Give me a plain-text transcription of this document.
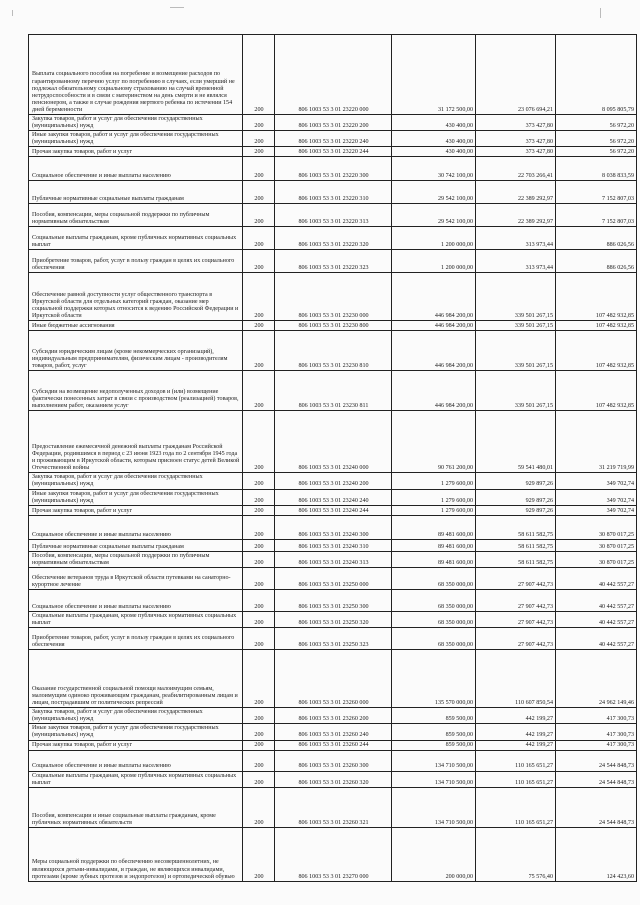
Выплата социального пособия на погребение и возмещение расходов по гарантированному перечню услуг по погребению в случаях, если умерший не подлежал обязательному социальному страхованию на случай временной нетрудоспособности и в связи с материнством на день смерти и не являлся пенсионером, а также в случае рождения мертвого ребенка по истечении 154 дней беременности	200	806 1003 53 3 01 23220 000	31 172 500,00	23 076 694,21	8 095 805,79
Закупка товаров, работ и услуг для обеспечения государственных (муниципальных) нужд	200	806 1003 53 3 01 23220 200	430 400,00	373 427,80	56 972,20
Иные закупки товаров, работ и услуг для обеспечения государственных (муниципальных) нужд	200	806 1003 53 3 01 23220 240	430 400,00	373 427,80	56 972,20
Прочая закупка товаров, работ и услуг	200	806 1003 53 3 01 23220 244	430 400,00	373 427,80	56 972,20
Социальное обеспечение и иные выплаты населению	200	806 1003 53 3 01 23220 300	30 742 100,00	22 703 266,41	8 038 833,59
Публичные нормативные социальные выплаты гражданам	200	806 1003 53 3 01 23220 310	29 542 100,00	22 389 292,97	7 152 807,03
Пособия, компенсации, меры социальной поддержки по публичным нормативным обязательствам	200	806 1003 53 3 01 23220 313	29 542 100,00	22 389 292,97	7 152 807,03
Социальные выплаты гражданам, кроме публичных нормативных социальных выплат	200	806 1003 53 3 01 23220 320	1 200 000,00	313 973,44	886 026,56
Приобретение товаров, работ, услуг в пользу граждан в целях их социального обеспечения	200	806 1003 53 3 01 23220 323	1 200 000,00	313 973,44	886 026,56
Обеспечение равной доступности услуг общественного транспорта в Иркутской области для отдельных категорий граждан, оказание мер социальной поддержки которых относится к ведению Российской Федерации и Иркутской области	200	806 1003 53 3 01 23230 000	446 984 200,00	339 501 267,15	107 482 932,85
Иные бюджетные ассигнования	200	806 1003 53 3 01 23230 800	446 984 200,00	339 501 267,15	107 482 932,85
Субсидии юридическим лицам (кроме некоммерческих организаций), индивидуальным предпринимателям, физическим лицам - производителям товаров, работ, услуг	200	806 1003 53 3 01 23230 810	446 984 200,00	339 501 267,15	107 482 932,85
Субсидии на возмещение недополученных доходов и (или) возмещение фактически понесенных затрат в связи с производством (реализацией) товаров, выполнением работ, оказанием услуг	200	806 1003 53 3 01 23230 811	446 984 200,00	339 501 267,15	107 482 932,85
Предоставление ежемесячной денежной выплаты гражданам Российской Федерации, родившимся в период с 23 июня 1923 года по 2 сентября 1945 года и проживающим в Иркутской области, которым присвоен статус детей Великой Отечественной войны	200	806 1003 53 3 01 23240 000	90 761 200,00	59 541 480,01	31 219 719,99
Закупка товаров, работ и услуг для обеспечения государственных (муниципальных) нужд	200	806 1003 53 3 01 23240 200	1 279 600,00	929 897,26	349 702,74
Иные закупки товаров, работ и услуг для обеспечения государственных (муниципальных) нужд	200	806 1003 53 3 01 23240 240	1 279 600,00	929 897,26	349 702,74
Прочая закупка товаров, работ и услуг	200	806 1003 53 3 01 23240 244	1 279 600,00	929 897,26	349 702,74
Социальное обеспечение и иные выплаты населению	200	806 1003 53 3 01 23240 300	89 481 600,00	58 611 582,75	30 870 017,25
Публичные нормативные социальные выплаты гражданам	200	806 1003 53 3 01 23240 310	89 481 600,00	58 611 582,75	30 870 017,25
Пособия, компенсации, меры социальной поддержки по публичным нормативным обязательствам	200	806 1003 53 3 01 23240 313	89 481 600,00	58 611 582,75	30 870 017,25
Обеспечение ветеранов труда в Иркутской области путевками на санаторно-курортное лечение	200	806 1003 53 3 01 23250 000	68 350 000,00	27 907 442,73	40 442 557,27
Социальное обеспечение и иные выплаты населению	200	806 1003 53 3 01 23250 300	68 350 000,00	27 907 442,73	40 442 557,27
Социальные выплаты гражданам, кроме публичных нормативных социальных выплат	200	806 1003 53 3 01 23250 320	68 350 000,00	27 907 442,73	40 442 557,27
Приобретение товаров, работ, услуг в пользу граждан в целях их социального обеспечения	200	806 1003 53 3 01 23250 323	68 350 000,00	27 907 442,73	40 442 557,27
Оказание государственной социальной помощи малоимущим семьям, малоимущим одиноко проживающим гражданам, реабилитированным лицам и лицам, пострадавшим от политических репрессий	200	806 1003 53 3 01 23260 000	135 570 000,00	110 607 850,54	24 962 149,46
Закупка товаров, работ и услуг для обеспечения государственных (муниципальных) нужд	200	806 1003 53 3 01 23260 200	859 500,00	442 199,27	417 300,73
Иные закупки товаров, работ и услуг для обеспечения государственных (муниципальных) нужд	200	806 1003 53 3 01 23260 240	859 500,00	442 199,27	417 300,73
Прочая закупка товаров, работ и услуг	200	806 1003 53 3 01 23260 244	859 500,00	442 199,27	417 300,73
Социальное обеспечение и иные выплаты населению	200	806 1003 53 3 01 23260 300	134 710 500,00	110 165 651,27	24 544 848,73
Социальные выплаты гражданам, кроме публичных нормативных социальных выплат	200	806 1003 53 3 01 23260 320	134 710 500,00	110 165 651,27	24 544 848,73
Пособия, компенсации и иные социальные выплаты гражданам, кроме публичных нормативных обязательств	200	806 1003 53 3 01 23260 321	134 710 500,00	110 165 651,27	24 544 848,73
Меры социальной поддержки по обеспечению несовершеннолетних, не являющихся детьми-инвалидами, и граждан, не являющихся инвалидами, протезами (кроме зубных протезов и эндопротезов) и ортопедической обувью	200	806 1003 53 3 01 23270 000	200 000,00	75 576,40	124 423,60
